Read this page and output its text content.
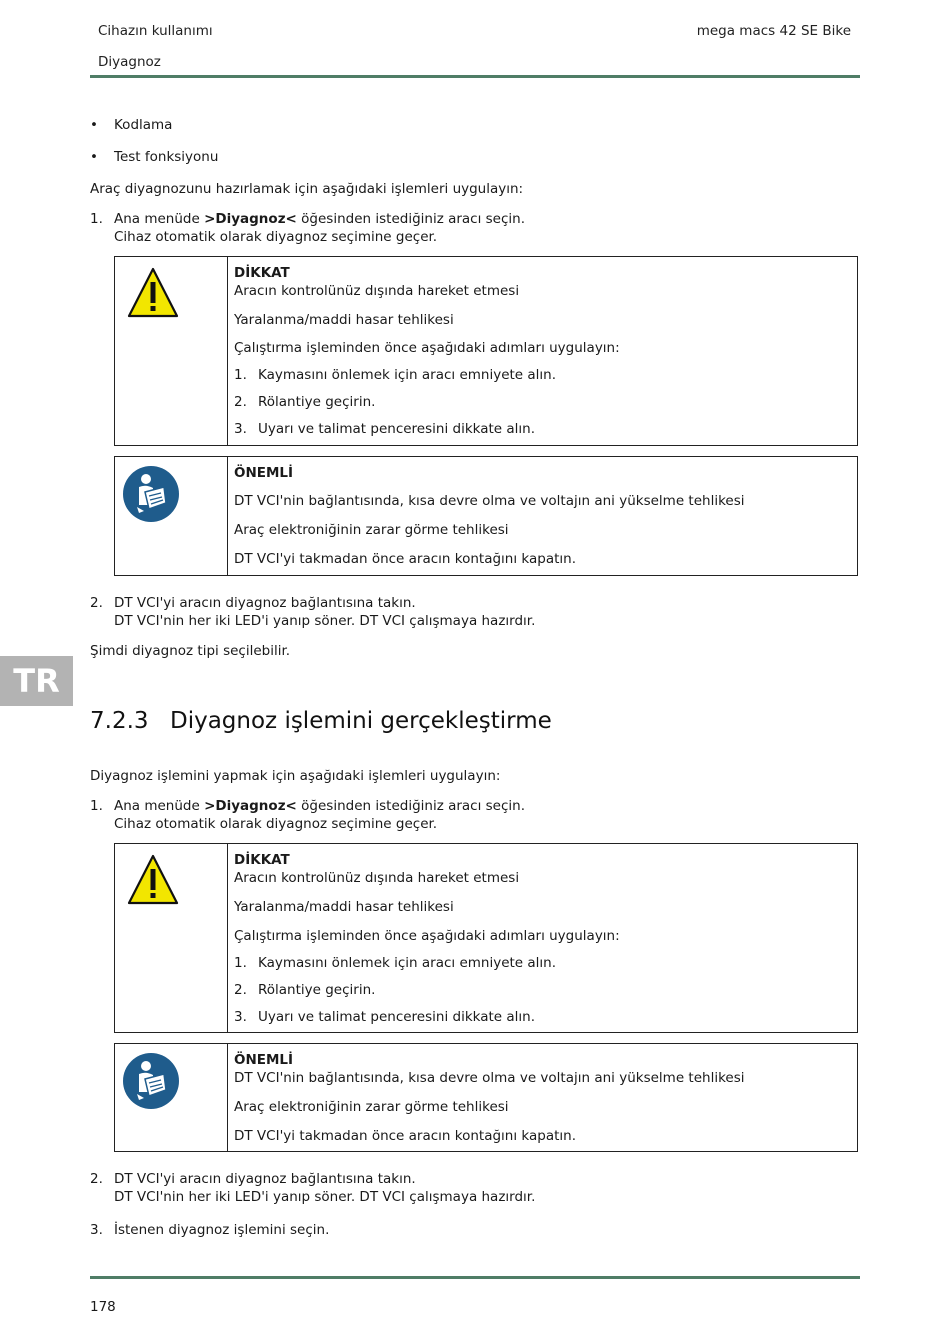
Cihazın kullanımı
Diyagnoz
mega macs 42 SE Bike
• Kodlama
• Test fonksiyonu
Araç diyagnozunu hazırlamak için aşağıdaki işlemleri uygulayın:
1. Ana menüde >Diyagnoz< öğesinden istediğiniz aracı seçin.
Cihaz otomatik olarak diyagnoz seçimine geçer.
DİKKAT
Aracın kontrolünüz dışında hareket etmesi
Yaralanma/maddi hasar tehlikesi
Çalıştırma işleminden önce aşağıdaki adımları uygulayın:
1. Kaymasını önlemek için aracı emniyete alın.
2. Rölantiye geçirin.
3. Uyarı ve talimat penceresini dikkate alın.
ÖNEMLİ
DT VCI'nin bağlantısında, kısa devre olma ve voltajın ani yükselme tehlikesi
Araç elektroniğinin zarar görme tehlikesi
DT VCI'yi takmadan önce aracın kontağını kapatın.
2. DT VCI'yi aracın diyagnoz bağlantısına takın.
DT VCI'nin her iki LED'i yanıp söner. DT VCI çalışmaya hazırdır.
Şimdi diyagnoz tipi seçilebilir.
TR
7.2.3 Diyagnoz işlemini gerçekleştirme
Diyagnoz işlemini yapmak için aşağıdaki işlemleri uygulayın:
1. Ana menüde >Diyagnoz< öğesinden istediğiniz aracı seçin.
Cihaz otomatik olarak diyagnoz seçimine geçer.
DİKKAT
Aracın kontrolünüz dışında hareket etmesi
Yaralanma/maddi hasar tehlikesi
Çalıştırma işleminden önce aşağıdaki adımları uygulayın:
1. Kaymasını önlemek için aracı emniyete alın.
2. Rölantiye geçirin.
3. Uyarı ve talimat penceresini dikkate alın.
ÖNEMLİ
DT VCI'nin bağlantısında, kısa devre olma ve voltajın ani yükselme tehlikesi
Araç elektroniğinin zarar görme tehlikesi
DT VCI'yi takmadan önce aracın kontağını kapatın.
2. DT VCI'yi aracın diyagnoz bağlantısına takın.
DT VCI'nin her iki LED'i yanıp söner. DT VCI çalışmaya hazırdır.
3. İstenen diyagnoz işlemini seçin.
178
